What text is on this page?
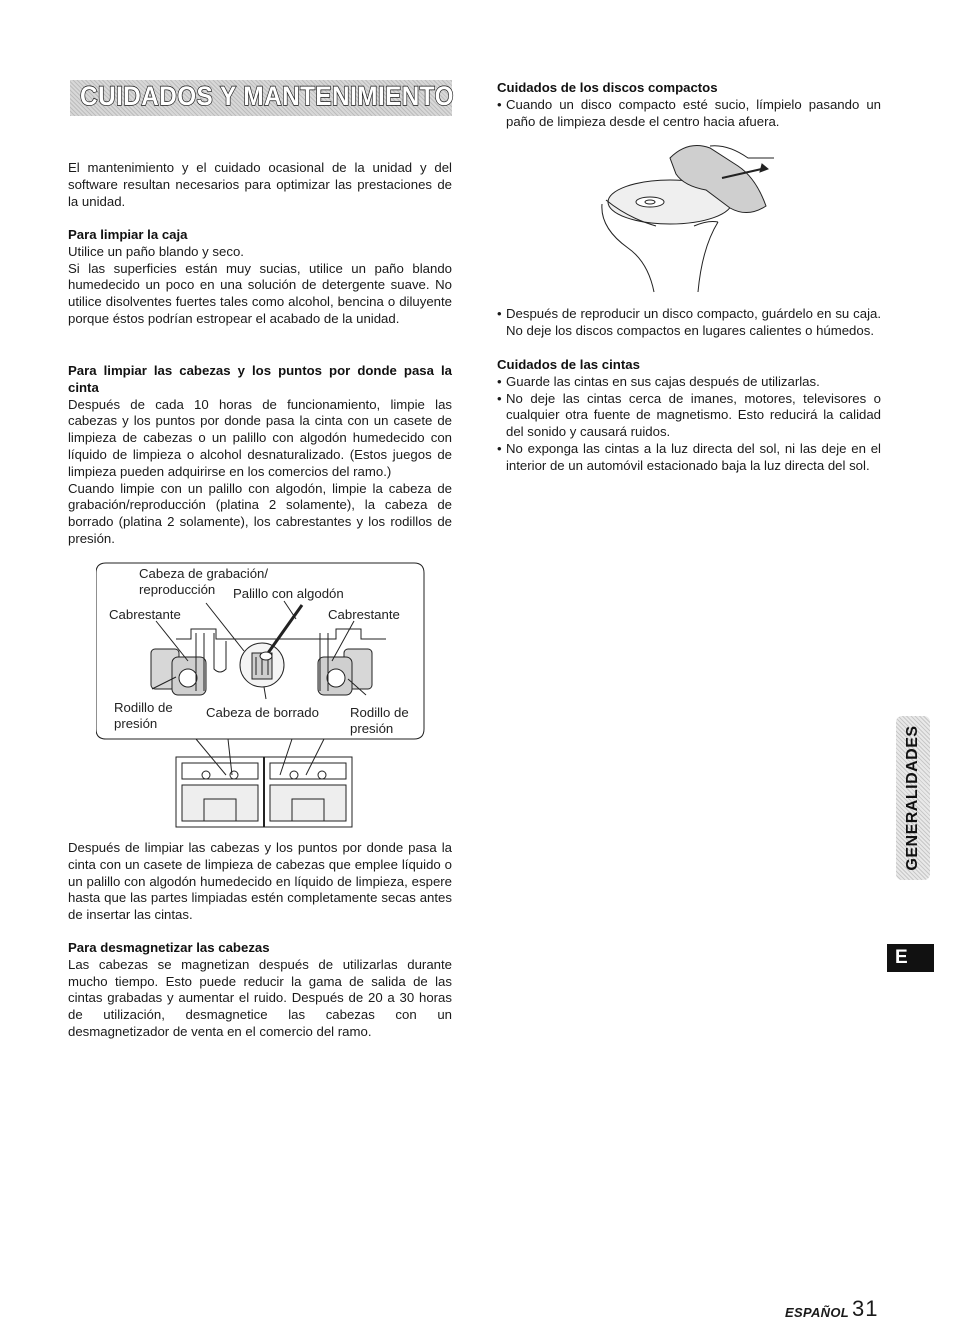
CUIDADOS Y MANTENIMIENTO
El mantenimiento y el cuidado ocasional de la unidad y del software resultan necesarios para optimizar las prestaciones de la unidad.
Para limpiar la caja

Utilice un paño blando y seco.

Si las superficies están muy sucias, utilice un paño blando humedecido un poco en una solución de detergente suave. No utilice disolventes fuertes tales como alcohol, bencina o diluyente porque éstos podrían estropear el acabado de la unidad.

Para limpiar las cabezas y los puntos por donde pasa la cinta

Después de cada 10 horas de funcionamiento, limpie las cabezas y los puntos por donde pasa la cinta con un casete de limpieza de cabezas o un palillo con algodón humedecido con líquido de limpieza o alcohol desnaturalizado. (Estos juegos de limpieza pueden adquirirse en los comercios del ramo.)

Cuando limpie con un palillo con algodón, limpie la cabeza de grabación/reproducción (platina 2 solamente), la cabeza de borrado (platina 2 solamente), los cabrestantes y los rodillos de presión.

Cabeza de grabación/
reproducción Palillo con algodón
Cabrestante	Cabrestante
Rodillo de
presión
Cabeza de borrado Rodillo de
presión
Después de limpiar las cabezas y los puntos por donde pasa la cinta con un casete de limpieza de cabezas que emplee líquido o un palillo con algodón humedecido en líquido de limpieza, espere hasta que las partes limpiadas estén completamente secas antes de insertar las cintas.
Para desmagnetizar las cabezas

Las cabezas se magnetizan después de utilizarlas durante mucho tiempo. Esto puede reducir la gama de salida de las cintas grabadas y aumentar el ruido. Después de 20 a 30 horas de utilización, desmagnetice las cabezas con un desmagnetizador de venta en el comercio del ramo.

Cuidados de los discos compactos
• Cuando un disco compacto esté sucio, límpielo pasando un paño de limpieza desde el centro hacia afuera.
• Después de reproducir un disco compacto, guárdelo en su caja. No deje los discos compactos en lugares calientes o húmedos.
Cuidados de las cintas
• Guarde las cintas en sus cajas después de utilizarlas.
• No deje las cintas cerca de imanes, motores, televisores o cualquier otra fuente de magnetismo. Esto reducirá la calidad del sonido y causará ruidos.
• No exponga las cintas a la luz directa del sol, ni las deje en el interior de un automóvil estacionado baja la luz directa del sol.
GENERALIDADES
E
ESPAÑOL 31
